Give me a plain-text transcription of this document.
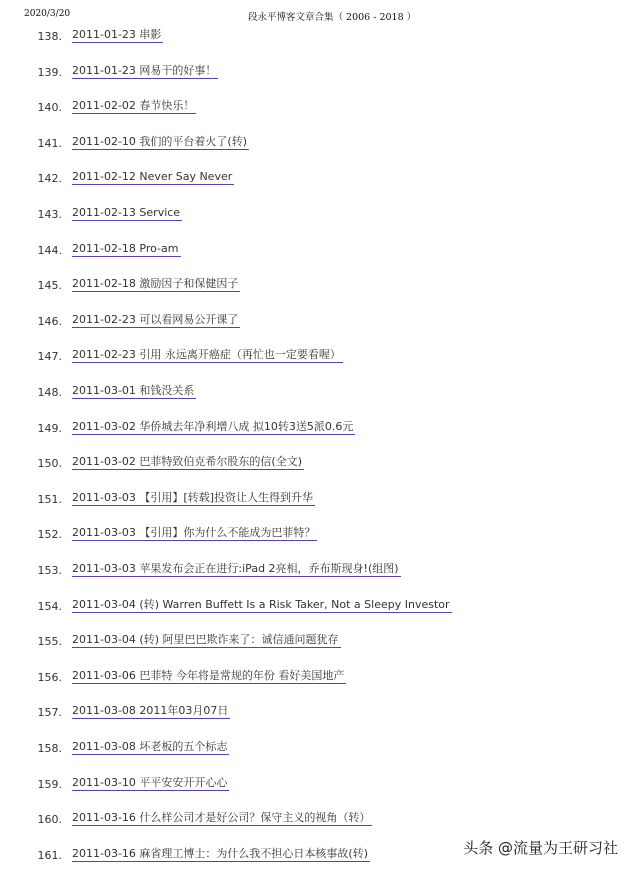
2020/3/20	段永平博客文章合集（ 2006 - 2018 ）
138. 2011-01-23 串影
139. 2011-01-23 网易干的好事！
140. 2011-02-02 春节快乐！
141. 2011-02-10 我们的平台着火了(转)
142. 2011-02-12 Never Say Never
143. 2011-02-13 Service
144. 2011-02-18 Pro-am
145. 2011-02-18 激励因子和保健因子
146. 2011-02-23 可以看网易公开课了
147. 2011-02-23 引用 永远离开癌症（再忙也一定要看喔）
148. 2011-03-01 和钱没关系
149. 2011-03-02 华侨城去年净利增八成 拟10转3送5派0.6元
150. 2011-03-02 巴菲特致伯克希尔股东的信(全文)
151. 2011-03-03 【引用】[转载]投资让人生得到升华
152. 2011-03-03 【引用】你为什么不能成为巴菲特？
153. 2011-03-03 苹果发布会正在进行:iPad 2亮相，乔布斯现身!(组图)
154. 2011-03-04 (转) Warren Buffett Is a Risk Taker, Not a Sleepy Investor
155. 2011-03-04 (转) 阿里巴巴欺诈来了：诚信通问题犹存
156. 2011-03-06 巴菲特 今年将是常规的年份 看好美国地产
157. 2011-03-08 2011年03月07日
158. 2011-03-08 坏老板的五个标志
159. 2011-03-10 平平安安开开心心
160. 2011-03-16 什么样公司才是好公司？保守主义的视角（转）
161. 2011-03-16 麻省理工博士：为什么我不担心日本核事故(转)	头条 @流量为王研习社
